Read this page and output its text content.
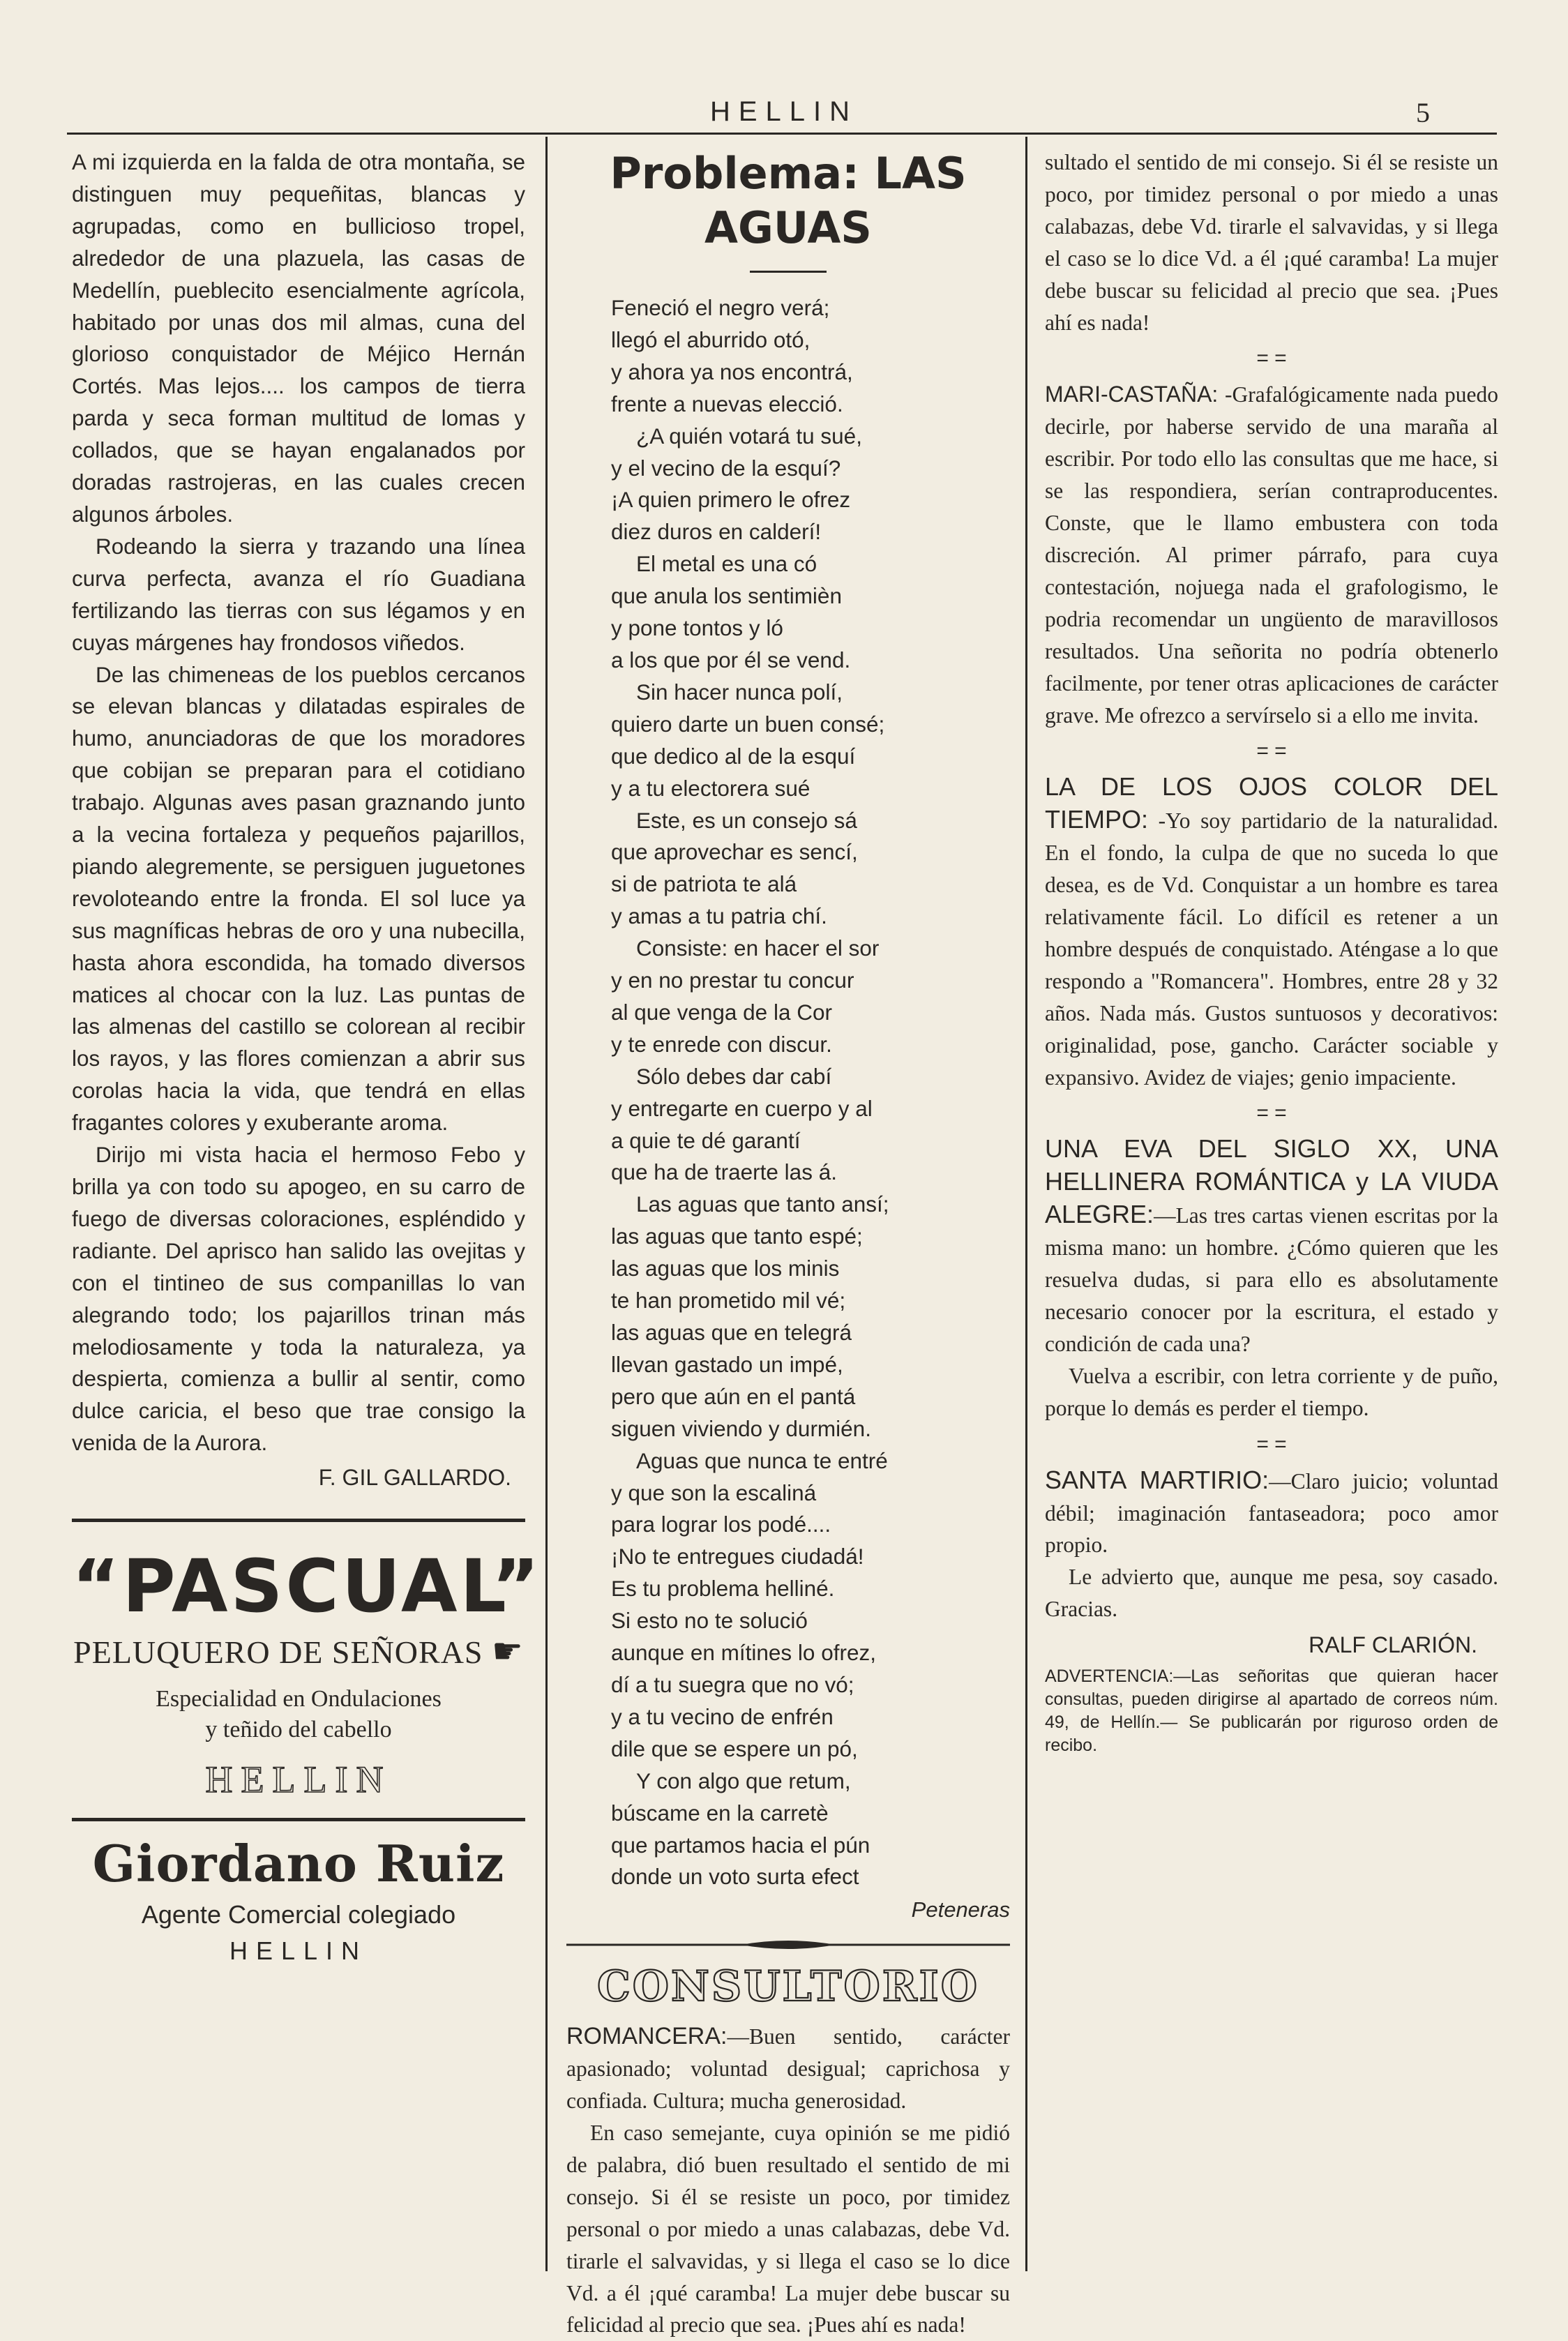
HELLIN	5

A mi izquierda en la falda de otra montaña, se distinguen muy pequeñitas, blancas y agrupadas, como en bullicioso tropel, alrededor de una plazuela, las casas de Medellín, pueblecito esencialmente agrícola, habitado por unas dos mil almas, cuna del glorioso conquistador de Méjico Hernán Cortés. Mas lejos.... los campos de tierra parda y seca forman multitud de lomas y collados, que se hayan engalanados por doradas rastrojeras, en las cuales crecen algunos árboles.

Rodeando la sierra y trazando una línea curva perfecta, avanza el río Guadiana fertilizando las tierras con sus légamos y en cuyas márgenes hay frondosos viñedos.

De las chimeneas de los pueblos cercanos se elevan blancas y dilatadas espirales de humo, anunciadoras de que los moradores que cobijan se preparan para el cotidiano trabajo. Algunas aves pasan graznando junto a la vecina fortaleza y pequeños pajarillos, piando alegremente, se persiguen juguetones revoloteando entre la fronda. El sol luce ya sus magníficas hebras de oro y una nubecilla, hasta ahora escondida, ha tomado diversos matices al chocar con la luz. Las puntas de las almenas del castillo se colorean al recibir los rayos, y las flores comienzan a abrir sus corolas hacia la vida, que tendrá en ellas fragantes colores y exuberante aroma.

Dirijo mi vista hacia el hermoso Febo y brilla ya con todo su apogeo, en su carro de fuego de diversas coloraciones, espléndido y radiante. Del aprisco han salido las ovejitas y con el tintineo de sus companillas lo van alegrando todo; los pajarillos trinan más melodiosamente y toda la naturaleza, ya despierta, comienza a bullir al sentir, como dulce caricia, el beso que trae consigo la venida de la Aurora.

F. GIL GALLARDO.
“PASCUAL”
PELUQUERO DE SEÑORAS ☛
Especialidad en Ondulaciones
y teñido del cabello
HELLIN
Giordano Ruiz
Agente Comercial colegiado
HELLIN
Problema: LAS AGUAS

Feneció el negro verá;

llegó el aburrido otó,

y ahora ya nos encontrá,

frente a nuevas elecció.

¿A quién votará tu sué,

y el vecino de la esquí?

¡A quien primero le ofrez

diez duros en calderí!

El metal es una có

que anula los sentimièn

y pone tontos y ló

a los que por él se vend.

Sin hacer nunca polí,

quiero darte un buen consé;

que dedico al de la esquí

y a tu electorera sué

Este, es un consejo sá

que aprovechar es sencí,

si de patriota te alá

y amas a tu patria chí.

Consiste: en hacer el sor

y en no prestar tu concur

al que venga de la Cor

y te enrede con discur.

Sólo debes dar cabí

y entregarte en cuerpo y al

a quie te dé garantí

que ha de traerte las á.

Las aguas que tanto ansí;

las aguas que tanto espé;

las aguas que los minis

te han prometido mil vé;

las aguas que en telegrá

llevan gastado un impé,

pero que aún en el pantá

siguen viviendo y durmién.

Aguas que nunca te entré

y que son la escaliná

para lograr los podé....

¡No te entregues ciudadá!

Es tu problema helliné.

Si esto no te solució

aunque en mítines lo ofrez,

dí a tu suegra que no vó;

y a tu vecino de enfrén

dile que se espere un pó,

Y con algo que retum,

búscame en la carretè

que partamos hacia el pún

donde un voto surta efect

Peteneras
CONSULTORIO

ROMANCERA:—Buen sentido, carácter apasionado; voluntad desigual; caprichosa y confiada. Cultura; mucha generosidad.

En caso semejante, cuya opinión se me pidió de palabra, dió buen resultado el sentido de mi consejo. Si él se resiste un poco, por timidez personal o por miedo a unas calabazas, debe Vd. tirarle el salvavidas, y si llega el caso se lo dice Vd. a él ¡qué caramba! La mujer debe buscar su felicidad al precio que sea. ¡Pues ahí es nada!

sultado el sentido de mi consejo. Si él se resiste un poco, por timidez personal o por miedo a unas calabazas, debe Vd. tirarle el salvavidas, y si llega el caso se lo dice Vd. a él ¡qué caramba! La mujer debe buscar su felicidad al precio que sea. ¡Pues ahí es nada!

= =

MARI-CASTAÑA: -Grafalógicamente nada puedo decirle, por haberse servido de una maraña al escribir. Por todo ello las consultas que me hace, si se las respondiera, serían contraproducentes. Conste, que le llamo embustera con toda discreción. Al primer párrafo, para cuya contestación, nojuega nada el grafologismo, le podria recomendar un ungüento de maravillosos resultados. Una señorita no podría obtenerlo facilmente, por tener otras aplicaciones de carácter grave. Me ofrezco a servírselo si a ello me invita.

= =

LA DE LOS OJOS COLOR DEL TIEMPO: -Yo soy partidario de la naturalidad. En el fondo, la culpa de que no suceda lo que desea, es de Vd. Conquistar a un hombre es tarea relativamente fácil. Lo difícil es retener a un hombre después de conquistado. Aténgase a lo que respondo a "Romancera". Hombres, entre 28 y 32 años. Nada más. Gustos suntuosos y decorativos: originalidad, pose, gancho. Carácter sociable y expansivo. Avidez de viajes; genio impaciente.

= =

UNA EVA DEL SIGLO XX, UNA HELLINERA ROMÁNTICA y LA VIUDA ALEGRE:—Las tres cartas vienen escritas por la misma mano: un hombre. ¿Cómo quieren que les resuelva dudas, si para ello es absolutamente necesario conocer por la escritura, el estado y condición de cada una?

Vuelva a escribir, con letra corriente y de puño, porque lo demás es perder el tiempo.

= =

SANTA MARTIRIO:—Claro juicio; voluntad débil; imaginación fantaseadora; poco amor propio.

Le advierto que, aunque me pesa, soy casado. Gracias.

RALF CLARIÓN.
ADVERTENCIA:—Las señoritas que quieran hacer consultas, pueden dirigirse al apartado de correos núm. 49, de Hellín.— Se publicarán por riguroso orden de recibo.
